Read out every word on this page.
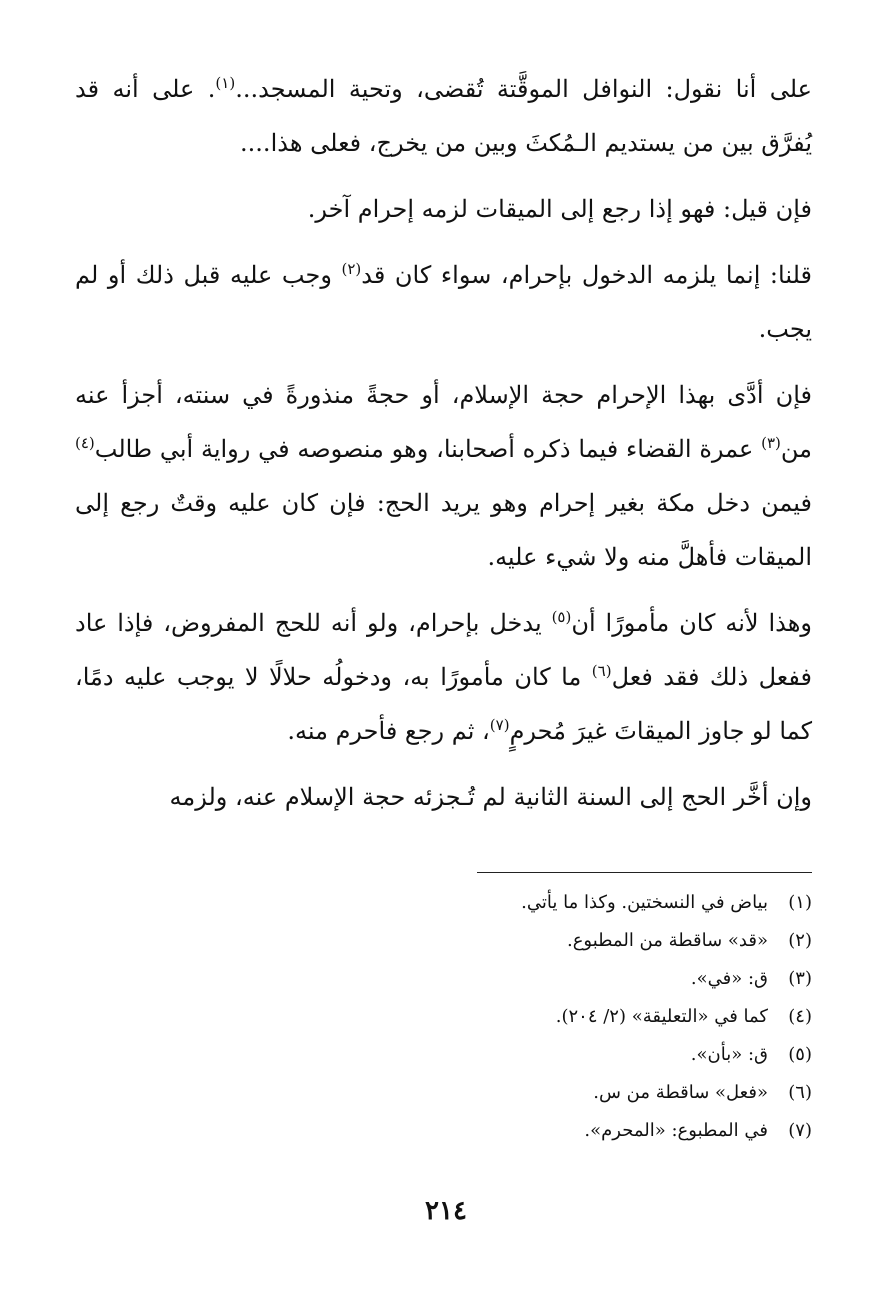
على أنا نقول: النوافل الموقَّتة تُقضى، وتحية المسجد...$^{(١)}$. على أنه قد يُفرَّق بين من يستديم الـمُكثَ وبين من يخرج، فعلى هذا....

فإن قيل: فهو إذا رجع إلى الميقات لزمه إحرام آخر.

قلنا: إنما يلزمه الدخول بإحرام، سواء كان قد$^{(٢)}$ وجب عليه قبل ذلك أو لم يجب.

فإن أدَّى بهذا الإحرام حجة الإسلام، أو حجةً منذورةً في سنته، أجزأ عنه من$^{(٣)}$ عمرة القضاء فيما ذكره أصحابنا، وهو منصوصه في رواية أبي طالب$^{(٤)}$ فيمن دخل مكة بغير إحرام وهو يريد الحج: فإن كان عليه وقتٌ رجع إلى الميقات فأهلَّ منه ولا شيء عليه.

وهذا لأنه كان مأمورًا أن$^{(٥)}$ يدخل بإحرام، ولو أنه للحج المفروض، فإذا عاد ففعل ذلك فقد فعل$^{(٦)}$ ما كان مأمورًا به، ودخولُه حلالًا لا يوجب عليه دمًا، كما لو جاوز الميقاتَ غيرَ مُحرمٍ$^{(٧)}$، ثم رجع فأحرم منه.

وإن أخَّر الحج إلى السنة الثانية لم تُـجزئه حجة الإسلام عنه، ولزمه

(١)بياض في النسختين. وكذا ما يأتي.
(٢)«قد» ساقطة من المطبوع.
(٣)ق: «في».
(٤)كما في «التعليقة» (٢/ ٢٠٤).
(٥)ق: «بأن».
(٦)«فعل» ساقطة من س.
(٧)في المطبوع: «المحرم».
٢١٤
